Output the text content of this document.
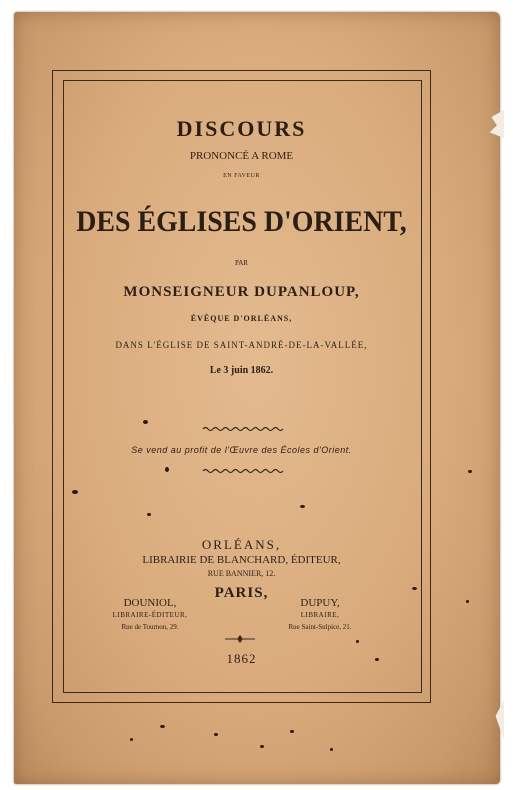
DISCOURS
PRONONCÉ A ROME
EN FAVEUR
DES ÉGLISES D'ORIENT,
PAR
MONSEIGNEUR DUPANLOUP,
ÉVÊQUE D'ORLÉANS,
DANS L'ÉGLISE DE SAINT-ANDRÉ-DE-LA-VALLÉE,
Le 3 juin 1862.
Se vend au profit de l'Œuvre des Écoles d'Orient.
ORLÉANS,
LIBRAIRIE DE BLANCHARD, ÉDITEUR,
RUE BANNIER, 12.
PARIS,
DOUNIOL,
LIBRAIRE-ÉDITEUR,
Rue de Tournon, 29.
DUPUY,
LIBRAIRE,
Rue Saint-Sulpice, 21.
1862
